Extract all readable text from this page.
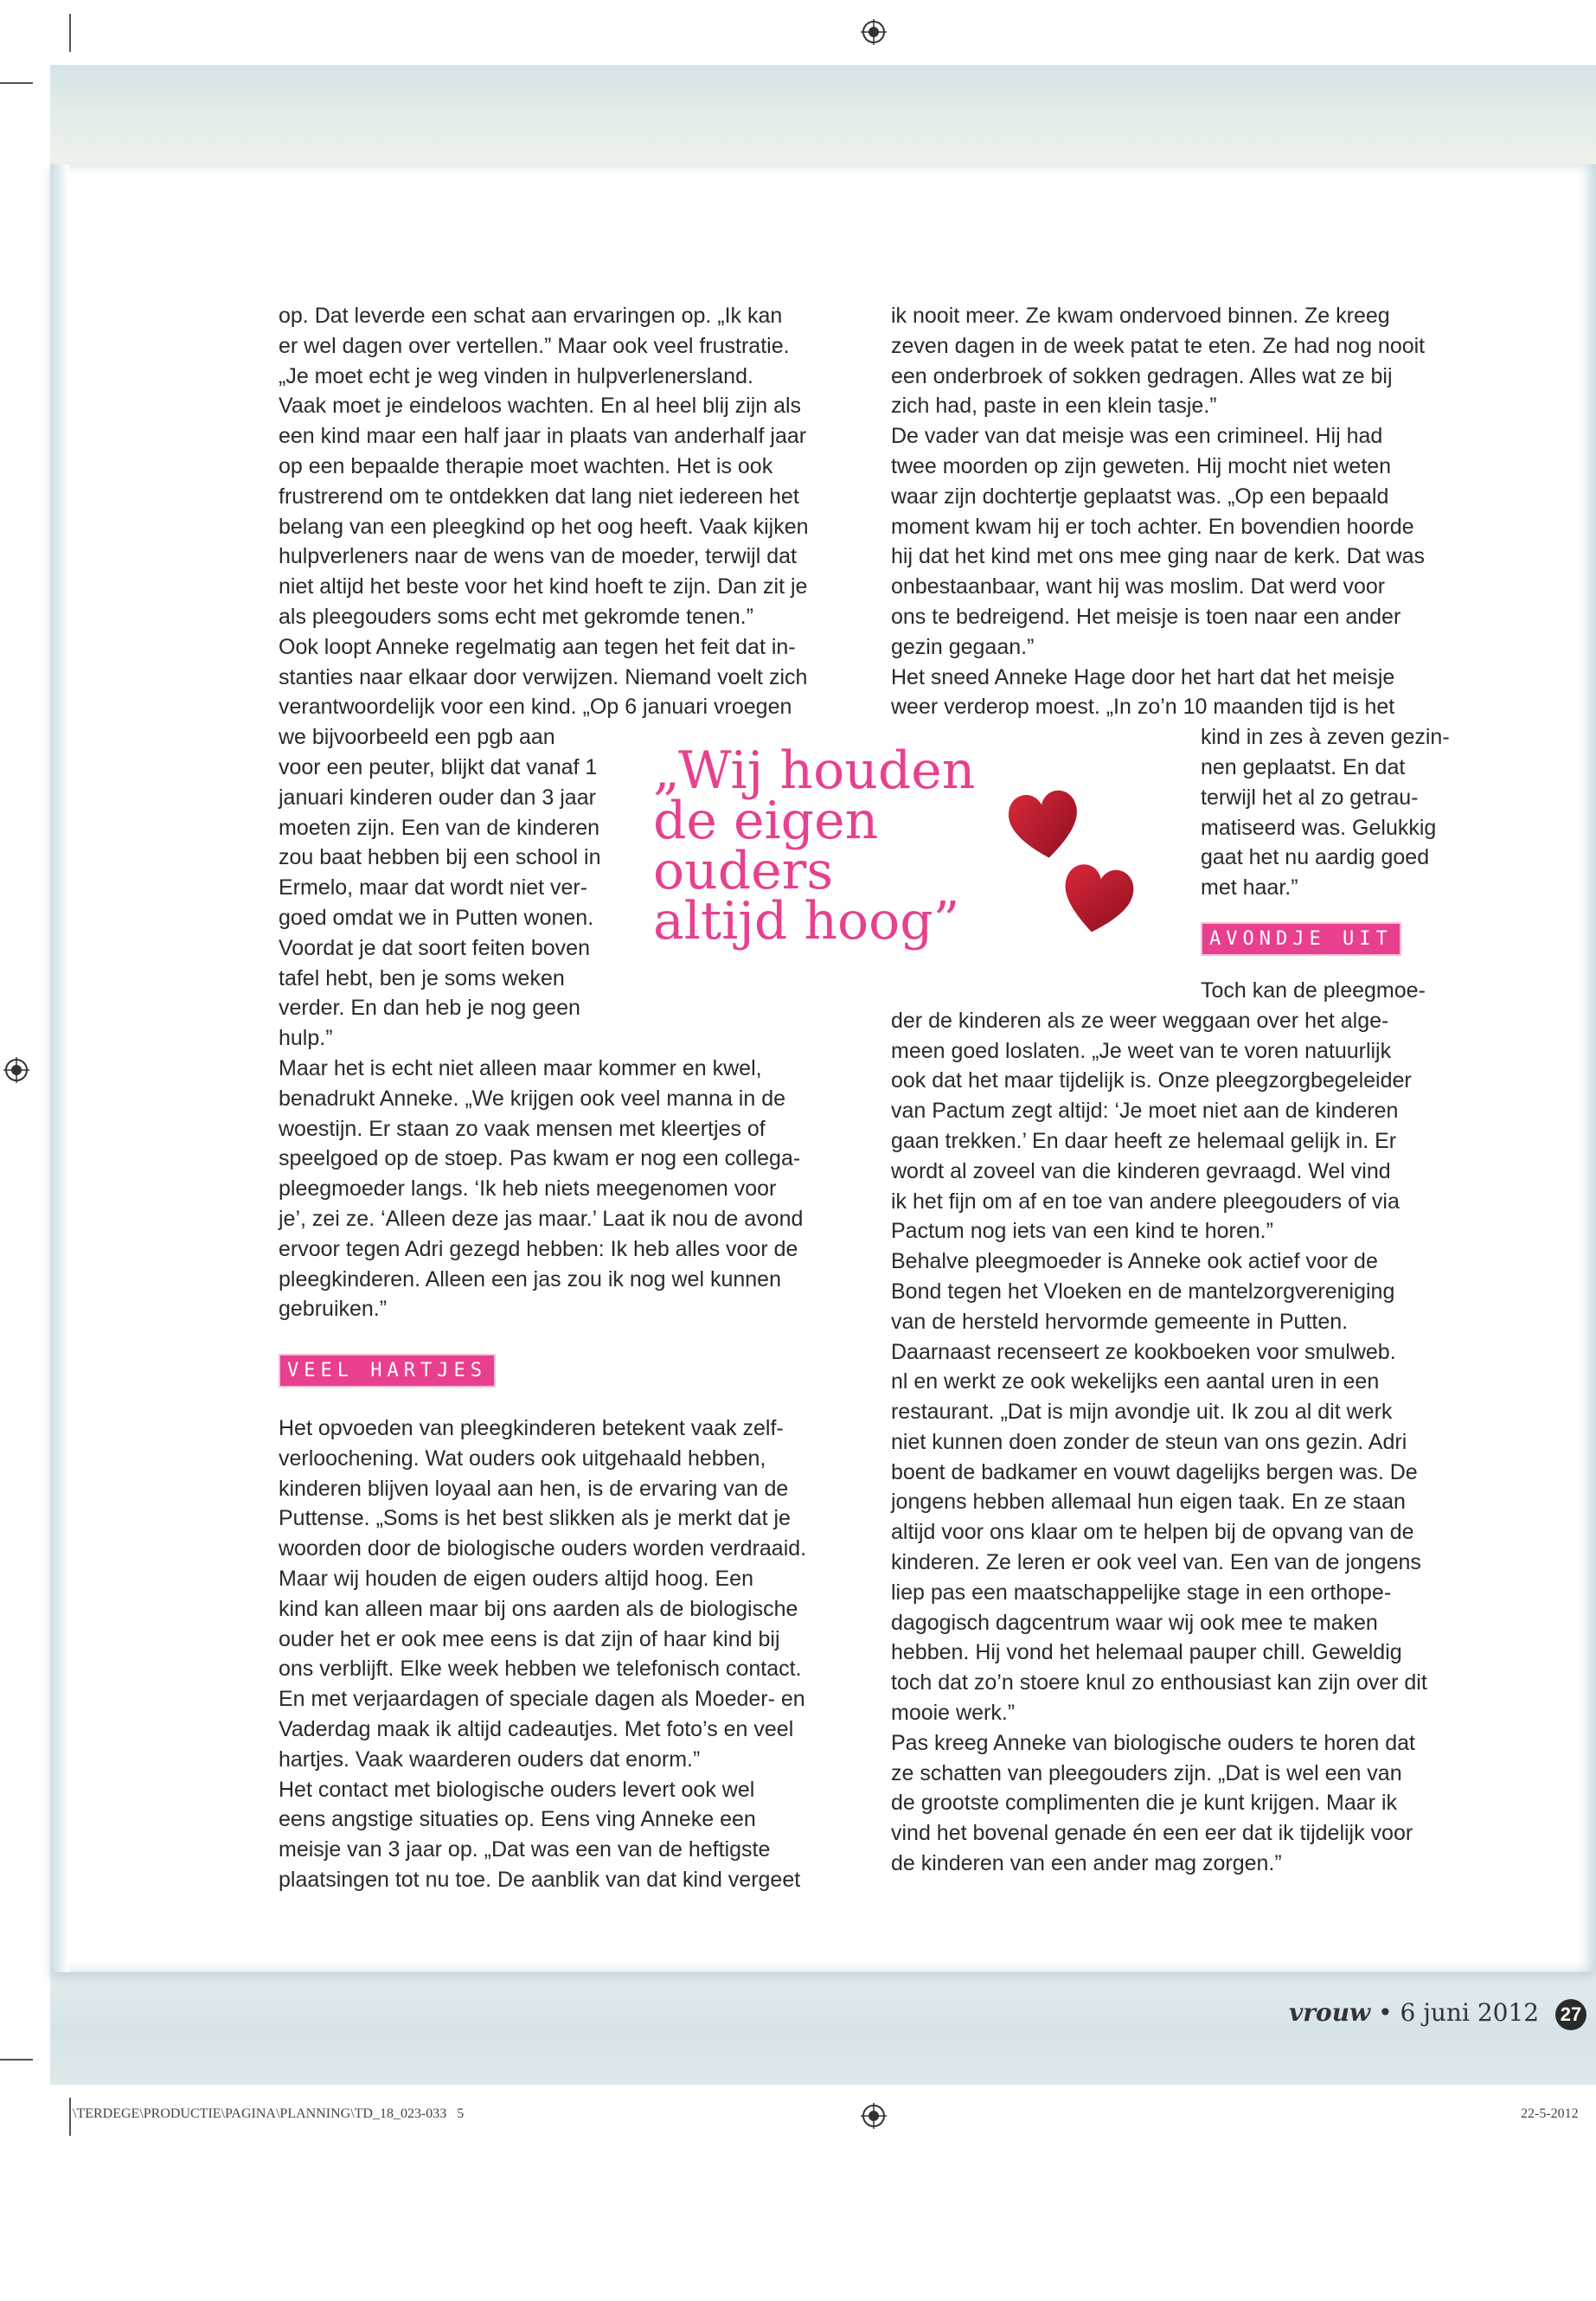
op. Dat leverde een schat aan ervaringen op. „Ik kan
er wel dagen over vertellen.” Maar ook veel frustratie.
„Je moet echt je weg vinden in hulpverlenersland.
Vaak moet je eindeloos wachten. En al heel blij zijn als
een kind maar een half jaar in plaats van anderhalf jaar
op een bepaalde therapie moet wachten. Het is ook
frustrerend om te ontdekken dat lang niet iedereen het
belang van een pleegkind op het oog heeft. Vaak kijken
hulpverleners naar de wens van de moeder, terwijl dat
niet altijd het beste voor het kind hoeft te zijn. Dan zit je
als pleegouders soms echt met gekromde tenen.”
Ook loopt Anneke regelmatig aan tegen het feit dat in-
stanties naar elkaar door verwijzen. Niemand voelt zich
verantwoordelijk voor een kind. „Op 6 januari vroegen
we bijvoorbeeld een pgb aan
voor een peuter, blijkt dat vanaf 1
januari kinderen ouder dan 3 jaar
moeten zijn. Een van de kinderen
zou baat hebben bij een school in
Ermelo, maar dat wordt niet ver-
goed omdat we in Putten wonen.
Voordat je dat soort feiten boven
tafel hebt, ben je soms weken
verder. En dan heb je nog geen
hulp.”
Maar het is echt niet alleen maar kommer en kwel,
benadrukt Anneke. „We krijgen ook veel manna in de
woestijn. Er staan zo vaak mensen met kleertjes of
speelgoed op de stoep. Pas kwam er nog een collega-
pleegmoeder langs. ‘Ik heb niets meegenomen voor
je’, zei ze. ‘Alleen deze jas maar.’ Laat ik nou de avond
ervoor tegen Adri gezegd hebben: Ik heb alles voor de
pleegkinderen. Alleen een jas zou ik nog wel kunnen
gebruiken.”

VEEL HARTJES

Het opvoeden van pleegkinderen betekent vaak zelf-
verloochening. Wat ouders ook uitgehaald hebben,
kinderen blijven loyaal aan hen, is de ervaring van de
Puttense. „Soms is het best slikken als je merkt dat je
woorden door de biologische ouders worden verdraaid.
Maar wij houden de eigen ouders altijd hoog. Een
kind kan alleen maar bij ons aarden als de biologische
ouder het er ook mee eens is dat zijn of haar kind bij
ons verblijft. Elke week hebben we telefonisch contact.
En met verjaardagen of speciale dagen als Moeder- en
Vaderdag maak ik altijd cadeautjes. Met foto’s en veel
hartjes. Vaak waarderen ouders dat enorm.”
Het contact met biologische ouders levert ook wel
eens angstige situaties op. Eens ving Anneke een
meisje van 3 jaar op. „Dat was een van de heftigste
plaatsingen tot nu toe. De aanblik van dat kind vergeet

„Wij houden
de eigen
ouders
altijd hoog”

ik nooit meer. Ze kwam ondervoed binnen. Ze kreeg
zeven dagen in de week patat te eten. Ze had nog nooit
een onderbroek of sokken gedragen. Alles wat ze bij
zich had, paste in een klein tasje.”
De vader van dat meisje was een crimineel. Hij had
twee moorden op zijn geweten. Hij mocht niet weten
waar zijn dochtertje geplaatst was. „Op een bepaald
moment kwam hij er toch achter. En bovendien hoorde
hij dat het kind met ons mee ging naar de kerk. Dat was
onbestaanbaar, want hij was moslim. Dat werd voor
ons te bedreigend. Het meisje is toen naar een ander
gezin gegaan.”
Het sneed Anneke Hage door het hart dat het meisje
weer verderop moest. „In zo’n 10 maanden tijd is het

kind in zes à zeven gezin-
nen geplaatst. En dat
terwijl het al zo getrau-
matiseerd was. Gelukkig
gaat het nu aardig goed
met haar.”

AVONDJE UIT

Toch kan de pleegmoe-

der de kinderen als ze weer weggaan over het alge-
meen goed loslaten. „Je weet van te voren natuurlijk
ook dat het maar tijdelijk is. Onze pleegzorgbegeleider
van Pactum zegt altijd: ‘Je moet niet aan de kinderen
gaan trekken.’ En daar heeft ze helemaal gelijk in. Er
wordt al zoveel van die kinderen gevraagd. Wel vind
ik het fijn om af en toe van andere pleegouders of via
Pactum nog iets van een kind te horen.”
Behalve pleegmoeder is Anneke ook actief voor de
Bond tegen het Vloeken en de mantelzorgvereniging
van de hersteld hervormde gemeente in Putten.
Daarnaast recenseert ze kookboeken voor smulweb.
nl en werkt ze ook wekelijks een aantal uren in een
restaurant. „Dat is mijn avondje uit. Ik zou al dit werk
niet kunnen doen zonder de steun van ons gezin. Adri
boent de badkamer en vouwt dagelijks bergen was. De
jongens hebben allemaal hun eigen taak. En ze staan
altijd voor ons klaar om te helpen bij de opvang van de
kinderen. Ze leren er ook veel van. Een van de jongens
liep pas een maatschappelijke stage in een orthope-
dagogisch dagcentrum waar wij ook mee te maken
hebben. Hij vond het helemaal pauper chill. Geweldig
toch dat zo’n stoere knul zo enthousiast kan zijn over dit
mooie werk.”
Pas kreeg Anneke van biologische ouders te horen dat
ze schatten van pleegouders zijn. „Dat is wel een van
de grootste complimenten die je kunt krijgen. Maar ik
vind het bovenal genade én een eer dat ik tijdelijk voor
de kinderen van een ander mag zorgen.”

vrouw • 6 juni 2012 27
\TERDEGE\PRODUCTIE\PAGINA\PLANNING\TD_18_023-033   5	22-5-2012
